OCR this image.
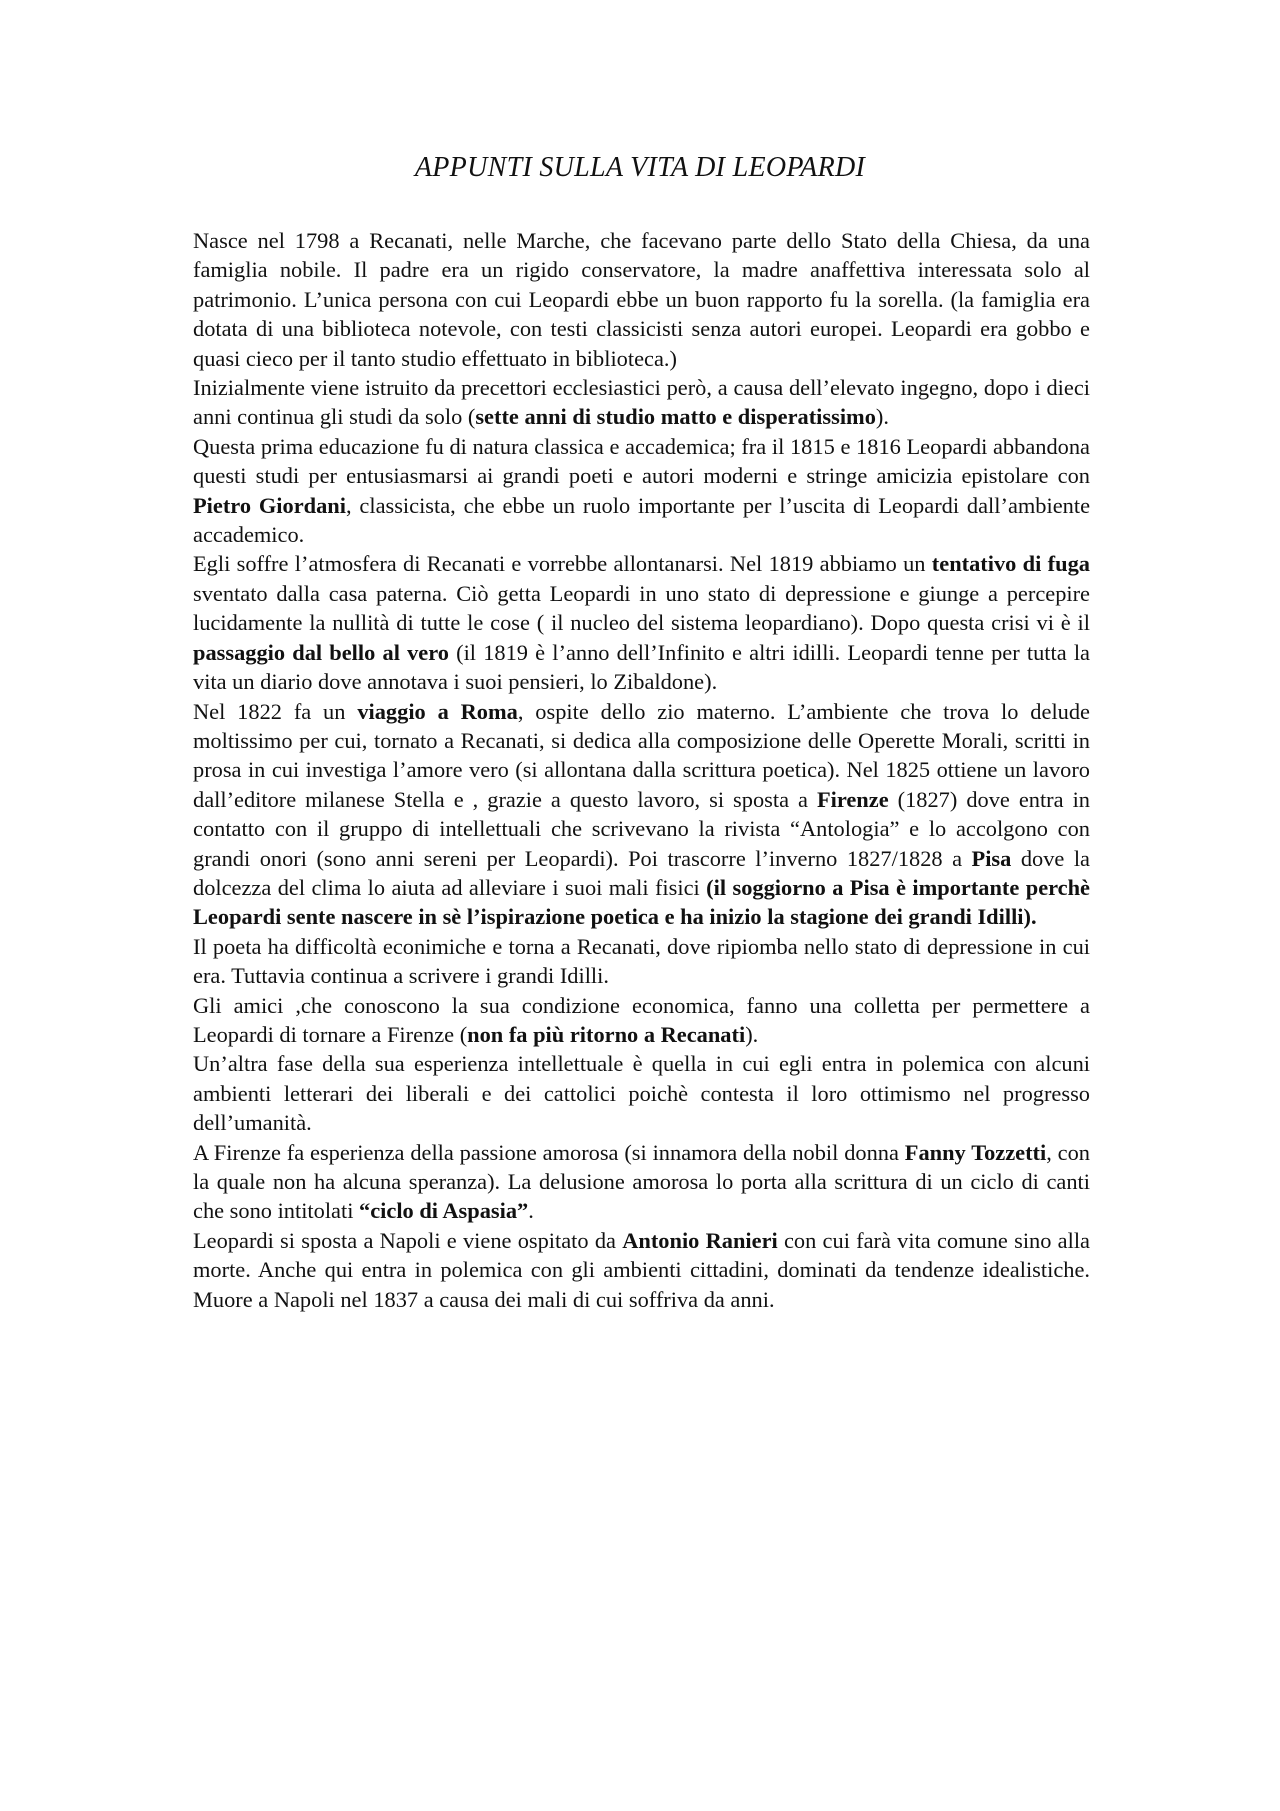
APPUNTI SULLA VITA DI LEOPARDI

Nasce nel 1798 a Recanati, nelle Marche, che facevano parte dello Stato della Chiesa, da una famiglia nobile. Il padre era un rigido conservatore, la madre anaffettiva interessata solo al patrimonio. L’unica persona con cui Leopardi ebbe un buon rapporto fu la sorella. (la famiglia era dotata di una biblioteca notevole, con testi classicisti senza autori europei. Leopardi era gobbo e quasi cieco per il tanto studio effettuato in biblioteca.)

Inizialmente viene istruito da precettori ecclesiastici però, a causa dell’elevato ingegno, dopo i dieci anni continua gli studi da solo (sette anni di studio matto e disperatissimo).

Questa prima educazione fu di natura classica e accademica; fra il 1815 e 1816 Leopardi abbandona questi studi per entusiasmarsi ai grandi poeti e autori moderni e stringe amicizia epistolare con Pietro Giordani, classicista, che ebbe un ruolo importante per l’uscita di Leopardi dall’ambiente accademico.

Egli soffre l’atmosfera di Recanati e vorrebbe allontanarsi. Nel 1819 abbiamo un tentativo di fuga sventato dalla casa paterna. Ciò getta Leopardi in uno stato di depressione e giunge a percepire lucidamente la nullità di tutte le cose ( il nucleo del sistema leopardiano). Dopo questa crisi vi è il passaggio dal bello al vero (il 1819 è l’anno dell’Infinito e altri idilli. Leopardi tenne per tutta la vita un diario dove annotava i suoi pensieri, lo Zibaldone).

Nel 1822 fa un viaggio a Roma, ospite dello zio materno. L’ambiente che trova lo delude moltissimo per cui, tornato a Recanati, si dedica alla composizione delle Operette Morali, scritti in prosa in cui investiga l’amore vero (si allontana dalla scrittura poetica). Nel 1825 ottiene un lavoro dall’editore milanese Stella e , grazie a questo lavoro, si sposta a Firenze (1827) dove entra in contatto con il gruppo di intellettuali che scrivevano la rivista “Antologia” e lo accolgono con grandi onori (sono anni sereni per Leopardi). Poi trascorre l’inverno 1827/1828 a Pisa dove la dolcezza del clima lo aiuta ad alleviare i suoi mali fisici (il soggiorno a Pisa è importante perchè Leopardi sente nascere in sè l’ispirazione poetica e ha inizio la stagione dei grandi Idilli).

Il poeta ha difficoltà econimiche e torna a Recanati, dove ripiomba nello stato di depressione in cui era. Tuttavia continua a scrivere i grandi Idilli.

Gli amici ,che conoscono la sua condizione economica, fanno una colletta per permettere a Leopardi di tornare a Firenze (non fa più ritorno a Recanati).

Un’altra fase della sua esperienza intellettuale è quella in cui egli entra in polemica con alcuni ambienti letterari dei liberali e dei cattolici poichè contesta il loro ottimismo nel progresso dell’umanità.

A Firenze fa esperienza della passione amorosa (si innamora della nobil donna Fanny Tozzetti, con la quale non ha alcuna speranza). La delusione amorosa lo porta alla scrittura di un ciclo di canti che sono intitolati “ciclo di Aspasia”.

Leopardi si sposta a Napoli e viene ospitato da Antonio Ranieri con cui farà vita comune sino alla morte. Anche qui entra in polemica con gli ambienti cittadini, dominati da tendenze idealistiche. Muore a Napoli nel 1837 a causa dei mali di cui soffriva da anni.
